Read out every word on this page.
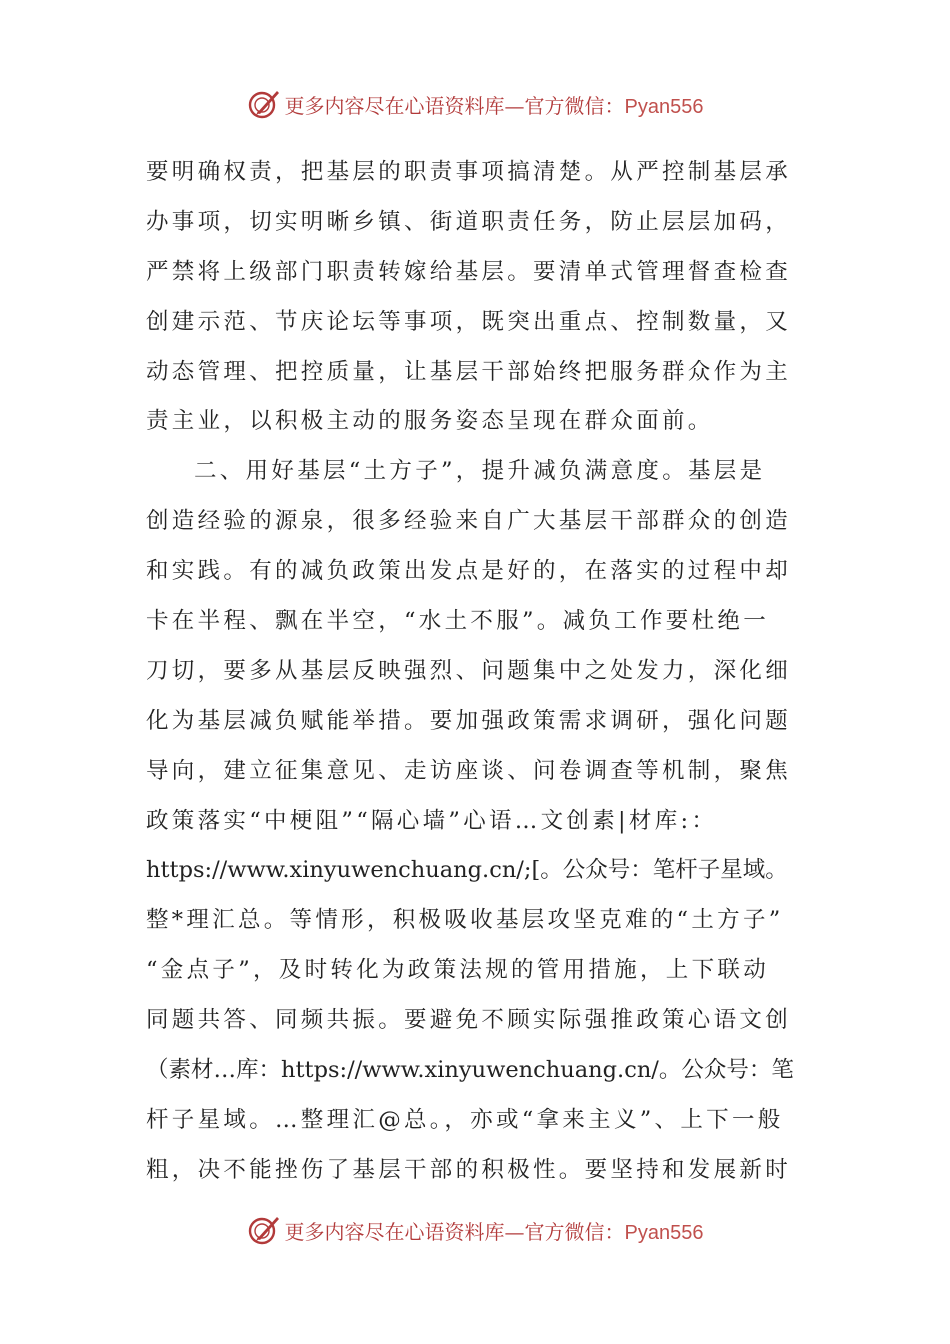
更多内容尽在心语资料库—官方微信：Pyan556
要明确权责，把基层的职责事项搞清楚。从严控制基层承
办事项，切实明晰乡镇、街道职责任务，防止层层加码，
严禁将上级部门职责转嫁给基层。要清单式管理督查检查
创建示范、节庆论坛等事项，既突出重点、控制数量，又
动态管理、把控质量，让基层干部始终把服务群众作为主
责主业，以积极主动的服务姿态呈现在群众面前。
二、用好基层“土方子”，提升减负满意度。基层是
创造经验的源泉，很多经验来自广大基层干部群众的创造
和实践。有的减负政策出发点是好的，在落实的过程中却
卡在半程、飘在半空，“水土不服”。减负工作要杜绝一
刀切，要多从基层反映强烈、问题集中之处发力，深化细
化为基层减负赋能举措。要加强政策需求调研，强化问题
导向，建立征集意见、走访座谈、问卷调查等机制，聚焦
政策落实“中梗阻”“隔心墙”心语…文创素|材库:：
https://www.xinyuwenchuang.cn/;[。公众号：笔杆子星域。
整*理汇总。等情形，积极吸收基层攻坚克难的“土方子”
“金点子”，及时转化为政策法规的管用措施，上下联动
同题共答、同频共振。要避免不顾实际强推政策心语文创
（素材…库：https://www.xinyuwenchuang.cn/。公众号：笔
杆子星域。…整理汇@总。，亦或“拿来主义”、上下一般
粗，决不能挫伤了基层干部的积极性。要坚持和发展新时
更多内容尽在心语资料库—官方微信：Pyan556
